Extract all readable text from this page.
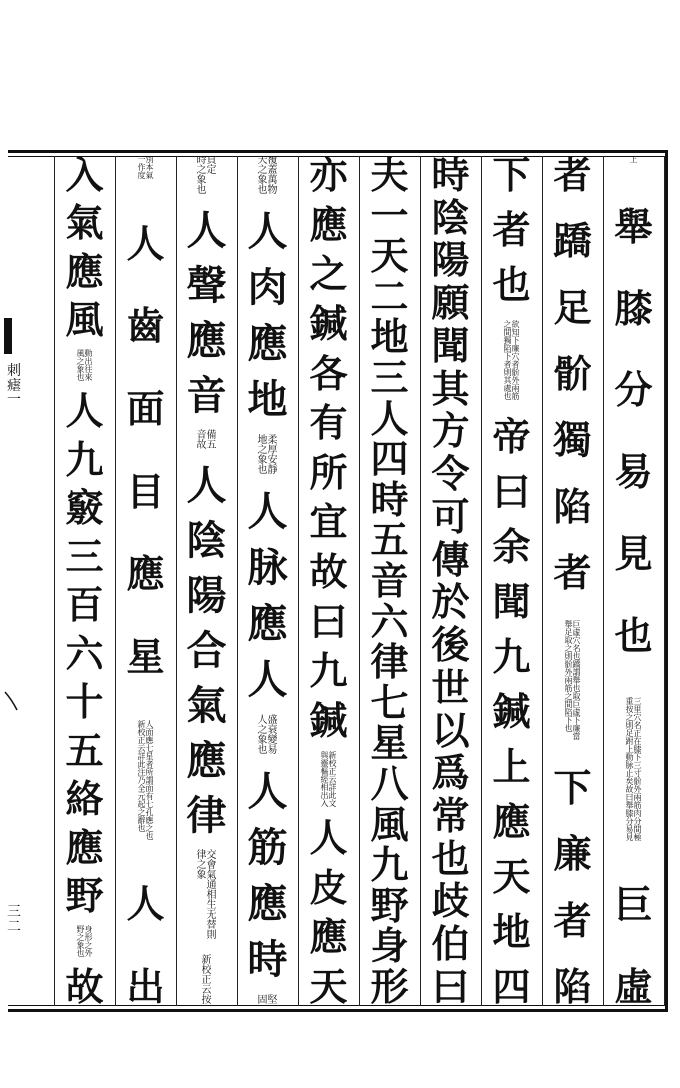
上
舉
膝
分
易
見
也
重
按
之
則
足
跗
上
動
脉
止
矣
故
曰
舉
膝
分
易
見
三
里
穴
名
正
在
膝
下
三
寸
骱
外
兩
筋
肉
分
間
極
巨
虛
者
蹻
足
骱
獨
陷
者
舉
足
取
之
則
骱
外
兩
筋
之
間
陷
下
也
巨
虛
穴
名
也
蹻
謂
舉
也
取
巨
虛
下
廉
當
下
廉
者
陷
下
者
也
之
間
獨
陷
下
者
則
其
處
也
欲
知
下
廉
穴
者
骱
外
兩
筋
帝
曰
余
聞
九
鍼
上
應
天
地
四
時
陰
陽
願
聞
其
方
令
可
傳
於
後
世
以
爲
常
也
歧
伯
曰
夫
一
天
二
地
三
人
四
時
五
音
六
律
七
星
八
風
九
野
身
形
亦
應
之
鍼
各
有
所
宜
故
曰
九
鍼
與
靈
樞
經
相
出
入
新
校
正
云
詳
此
文
人
皮
應
天
天
之
象
也
覆
蓋
萬
物
人
肉
應
地
地
之
象
也
柔
厚
安
靜
人
脉
應
人
人
之
象
也
盛
衰
變
易
人
筋
應
時
固 堅
時
之
象
也
貞
定
人
聲
應
音
音
故
備
五
人
陰
陽
合
氣
應
律
律
之
象
交
會
氣
通
相
生
无
替
則
新
校
正
云
按
一
作
度
別
本
氣
人
齒
面
目
應
星
新
校
正
云
詳
此
注
乃
全
元
起
之
辭
也
人
面
應
七
星
者
所
謂
面
有
七
孔
應
之
也
人
出
入
氣
應
風
風
之
象
也
動
出
往
來
人
九
竅
三
百
六
十
五
絡
應
野
野
之
象
也
身
形
之
外
故
刺
瘧
一
三
二
